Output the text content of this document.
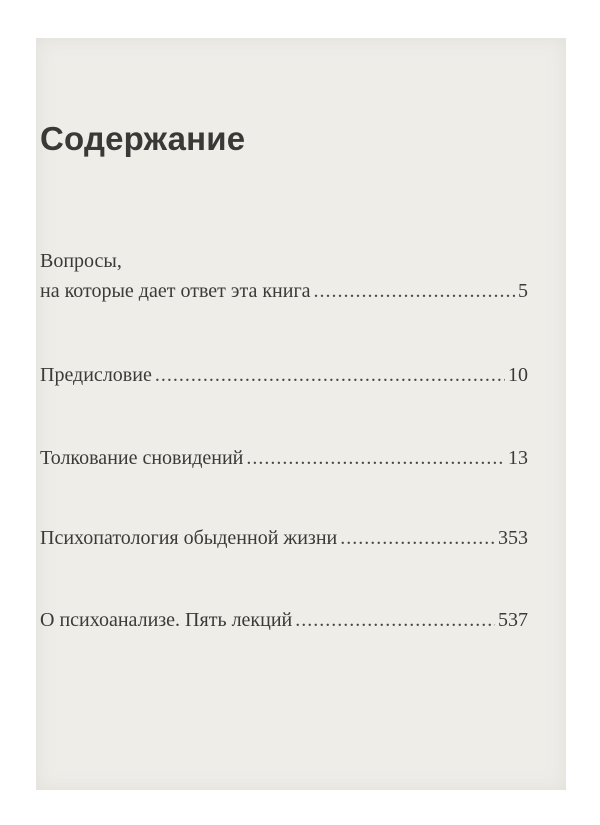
Содержание
Вопросы,
на которые дает ответ эта книга .....	5
Предисловие .....	10
Толкование сновидений .....	13
Психопатология обыденной жизни .....	353
О психоанализе. Пять лекций .....	537
